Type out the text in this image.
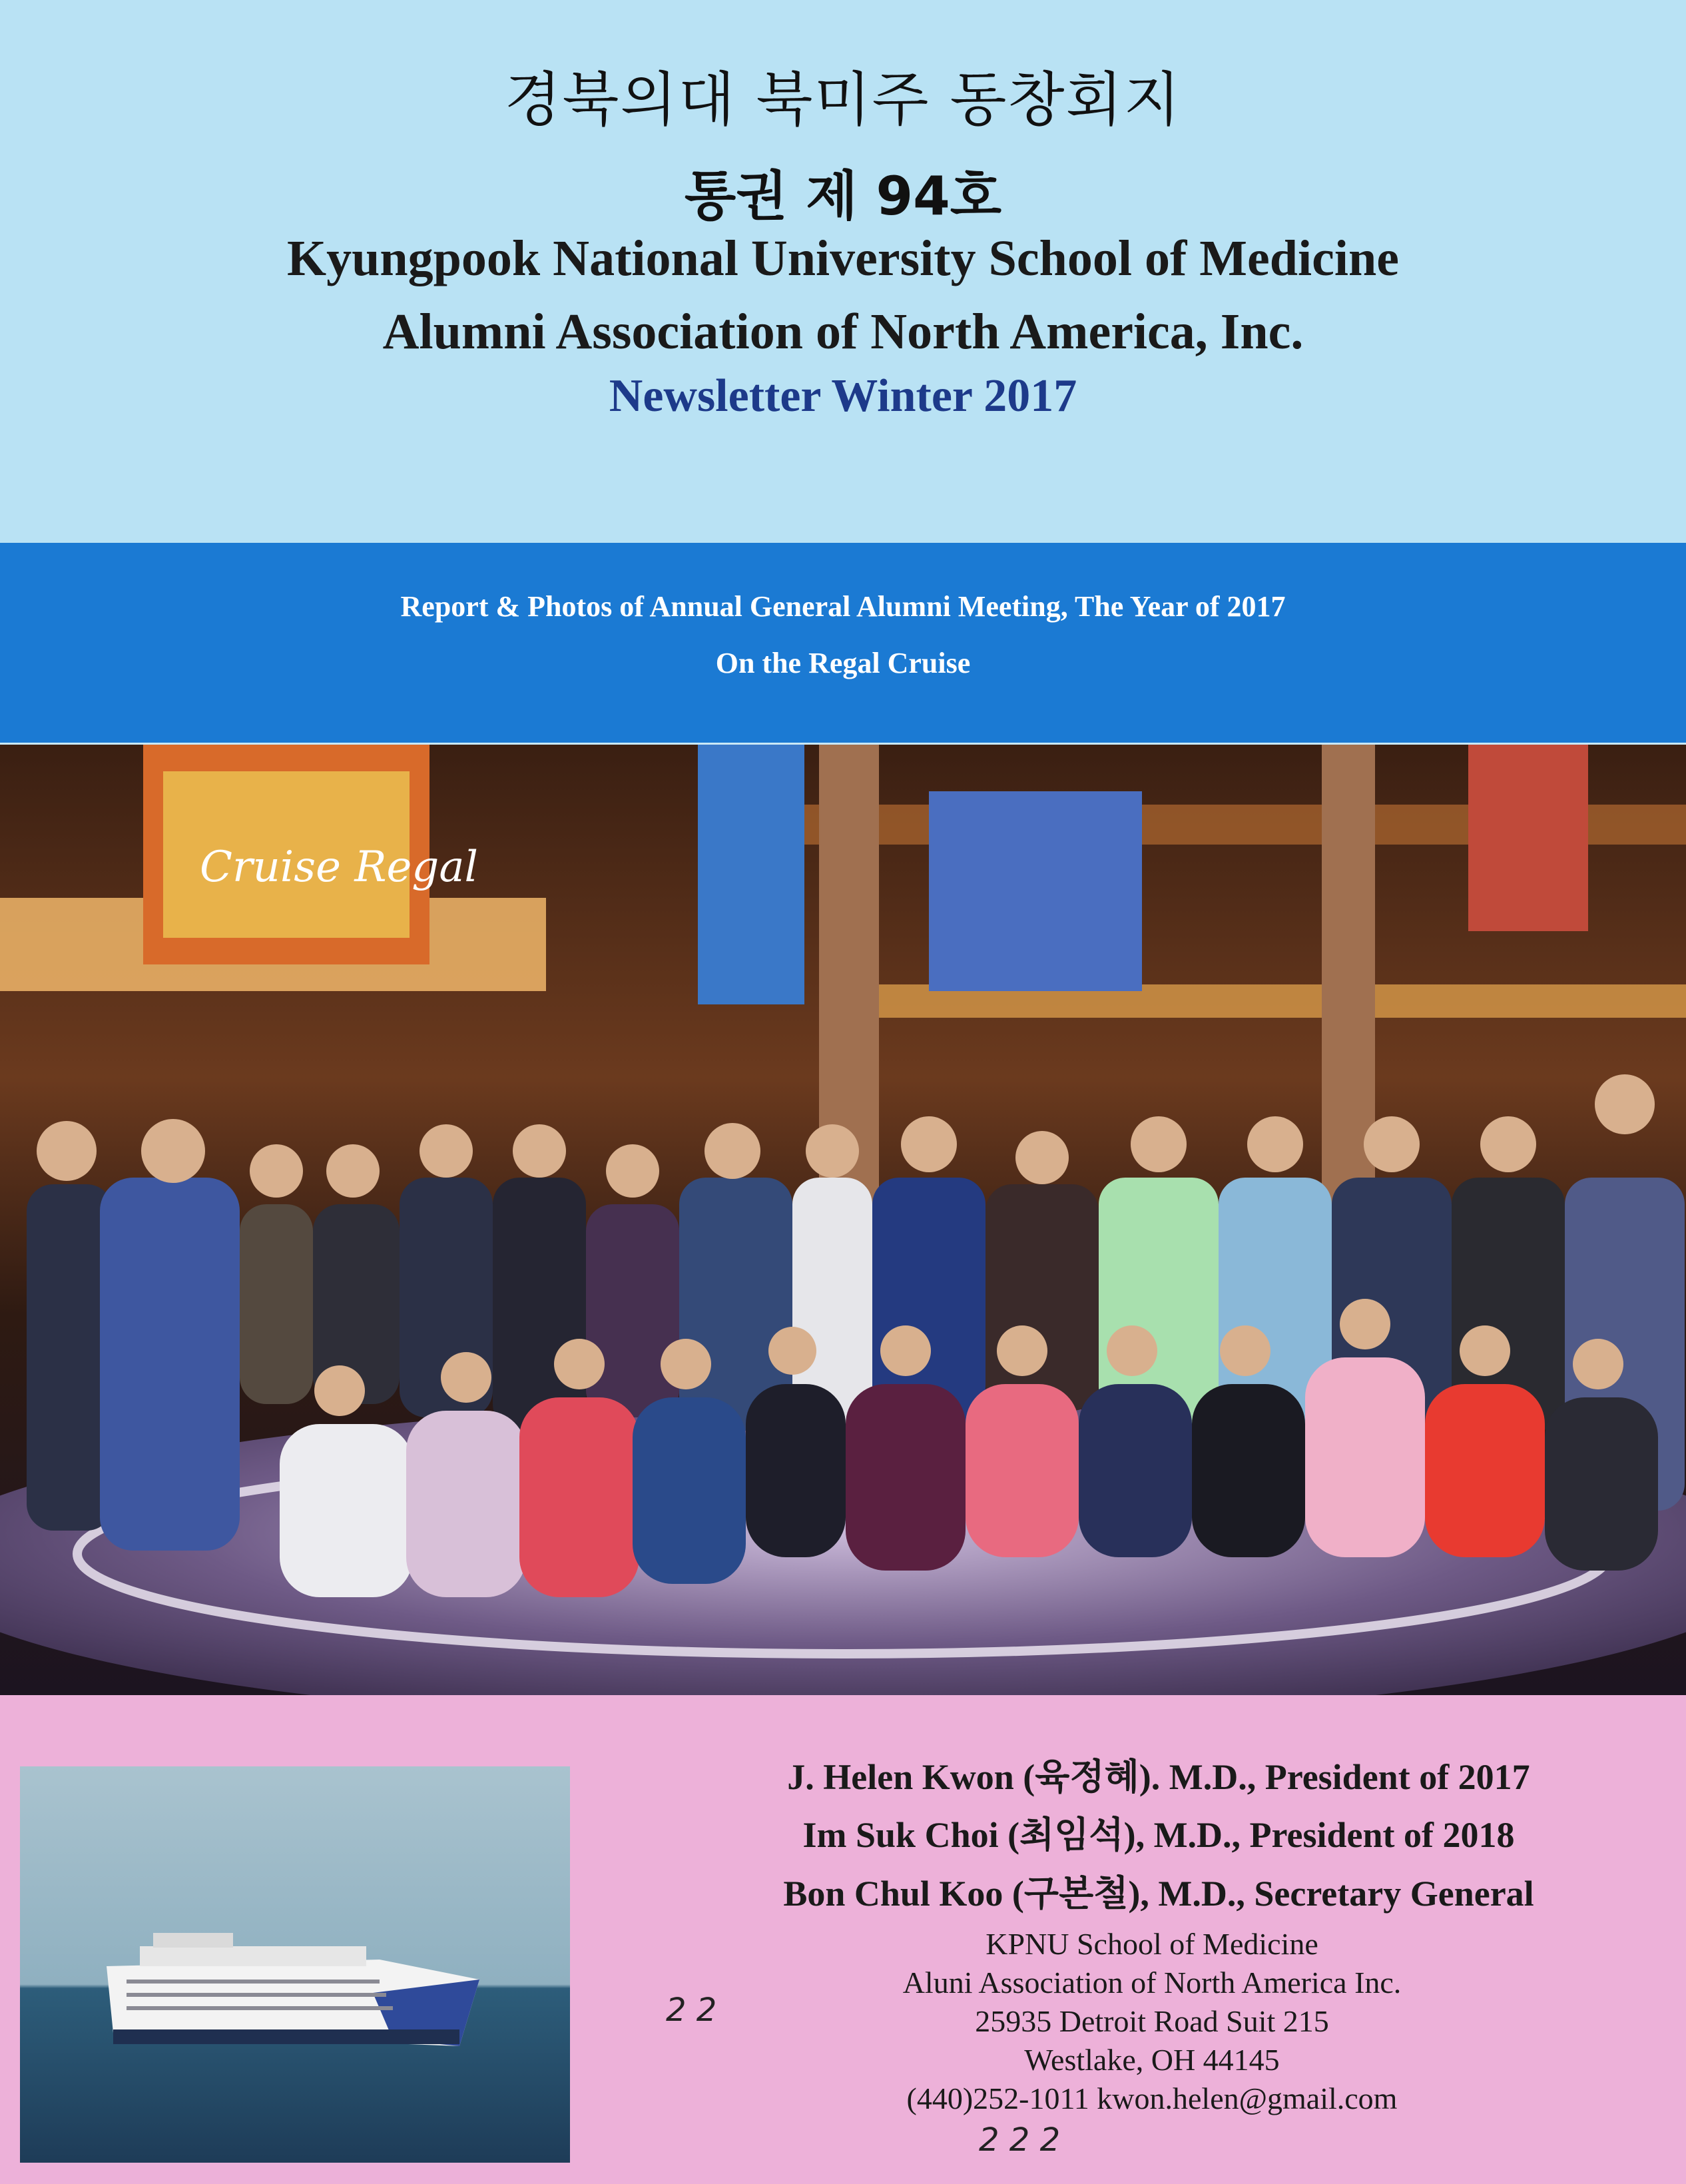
경북의대 북미주 동창회지
통권 제 94호
Kyungpook National University School of Medicine
Alumni Association of North America, Inc.
Newsletter Winter 2017
Report & Photos of Annual General Alumni Meeting, The Year of 2017
On the Regal Cruise
Cruise Regal
J. Helen Kwon (육정혜). M.D., President of 2017
Im Suk Choi (최임석), M.D., President of 2018
Bon Chul Koo (구본철), M.D., Secretary General
KPNU School of Medicine
Aluni Association of North America Inc.
25935 Detroit Road Suit 215
Westlake, OH 44145
(440)252-1011 kwon.helen@gmail.com
2 2
2 2 2
